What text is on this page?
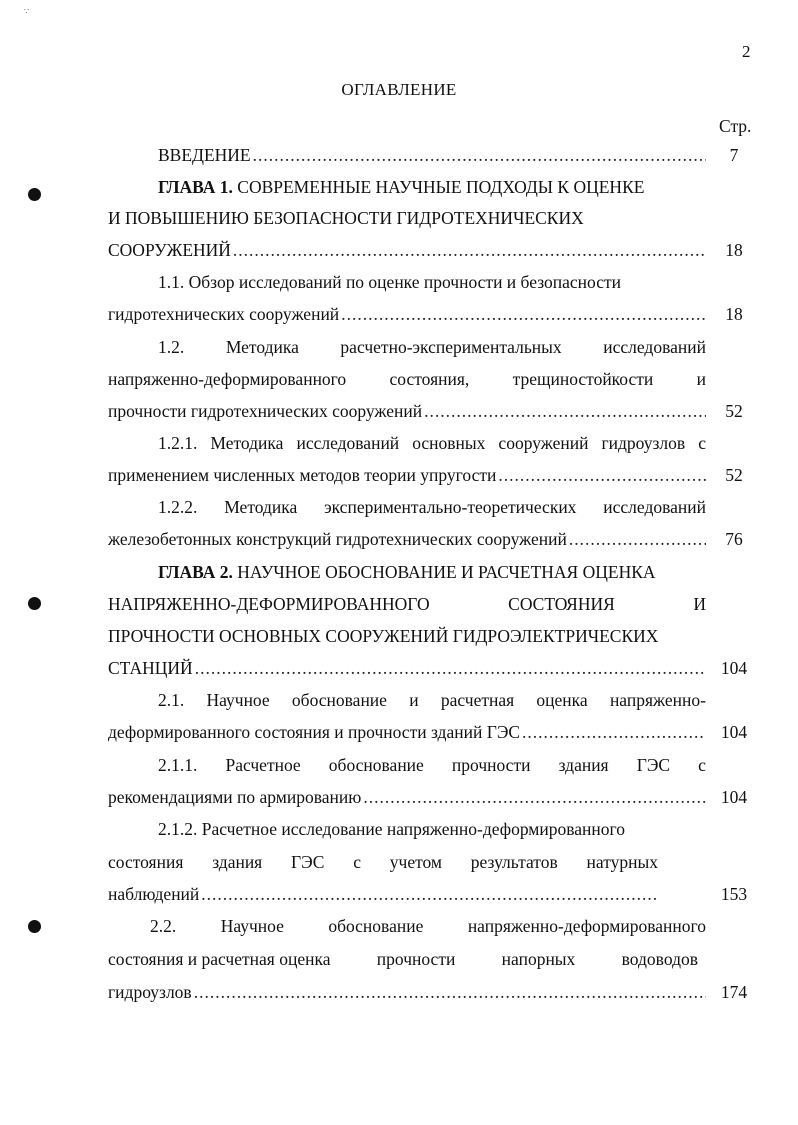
∵
2
ОГЛАВЛЕНИЕ
Стр.
ВВЕДЕНИЕ .....	7
ГЛАВА 1. СОВРЕМЕННЫЕ НАУЧНЫЕ ПОДХОДЫ К ОЦЕНКЕ
И ПОВЫШЕНИЮ БЕЗОПАСНОСТИ ГИДРОТЕХНИЧЕСКИХ
СООРУЖЕНИЙ .....	18
1.1. Обзор исследований по оценке прочности и безопасности
гидротехнических сооружений .....	18
1.2. Методика расчетно-экспериментальных исследований
напряженно-деформированного состояния, трещиностойкости и
прочности гидротехнических сооружений .....	52
1.2.1. Методика исследований основных сооружений гидроузлов с
применением численных методов теории упругости .....	52
1.2.2. Методика экспериментально-теоретических исследований
железобетонных конструкций гидротехнических сооружений .....	76
ГЛАВА 2. НАУЧНОЕ ОБОСНОВАНИЕ И РАСЧЕТНАЯ ОЦЕНКА
НАПРЯЖЕННО-ДЕФОРМИРОВАННОГО	СОСТОЯНИЯ	И
ПРОЧНОСТИ ОСНОВНЫХ СООРУЖЕНИЙ ГИДРОЭЛЕКТРИЧЕСКИХ
СТАНЦИЙ .....	104
2.1. Научное обоснование и расчетная оценка напряженно-
деформированного состояния и прочности зданий ГЭС .....	104
2.1.1. Расчетное обоснование прочности здания ГЭС с
рекомендациями по армированию .....	104
2.1.2. Расчетное исследование напряженно-деформированного
состояния здания ГЭС с учетом результатов натурных
наблюдений .....	153
2.2.	Научное	обоснование	напряженно-деформированного
состояния и расчетная оценка	прочности	напорных	водоводов
гидроузлов .....	174
